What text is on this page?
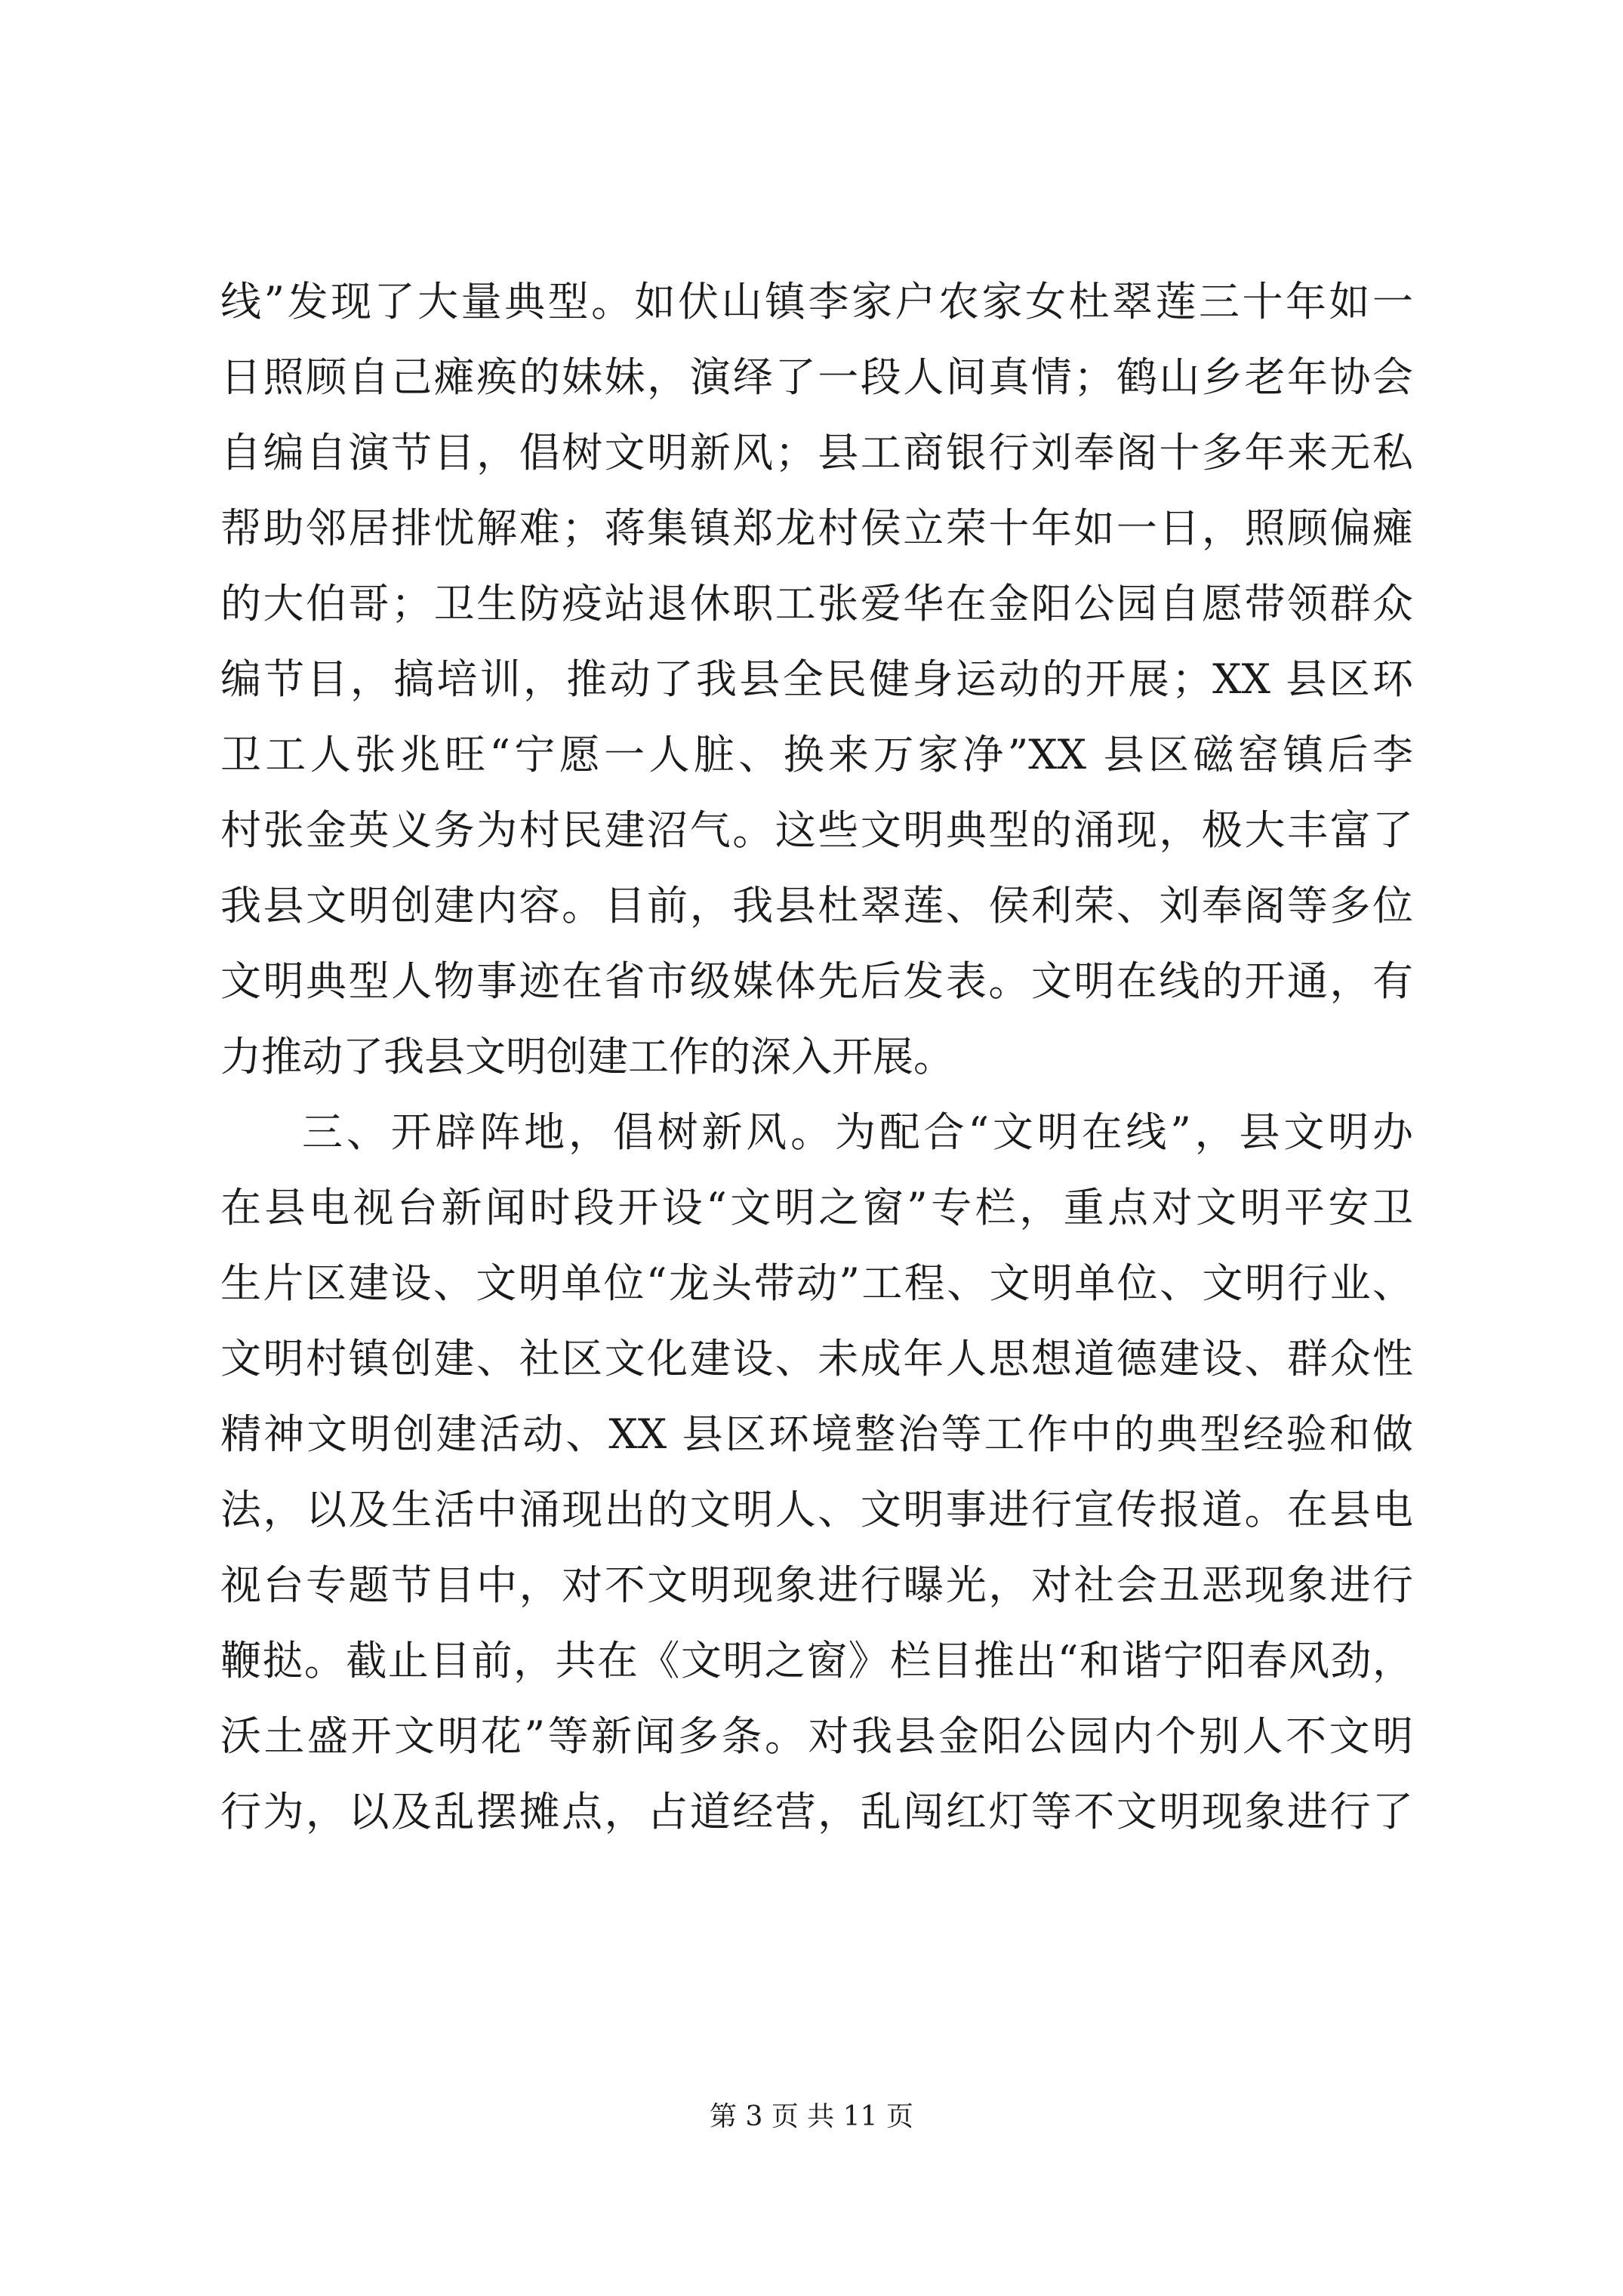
线”发现了大量典型。如伏山镇李家户农家女杜翠莲三十年如一
日照顾自己瘫痪的妹妹，演绎了一段人间真情；鹤山乡老年协会
自编自演节目，倡树文明新风；县工商银行刘奉阁十多年来无私
帮助邻居排忧解难；蒋集镇郑龙村侯立荣十年如一日，照顾偏瘫
的大伯哥；卫生防疫站退休职工张爱华在金阳公园自愿带领群众
编节目，搞培训，推动了我县全民健身运动的开展；XX 县区环
卫工人张兆旺“宁愿一人脏、换来万家净”XX 县区磁窑镇后李
村张金英义务为村民建沼气。这些文明典型的涌现，极大丰富了
我县文明创建内容。目前，我县杜翠莲、侯利荣、刘奉阁等多位
文明典型人物事迹在省市级媒体先后发表。文明在线的开通，有
力推动了我县文明创建工作的深入开展。
三、开辟阵地，倡树新风。为配合“文明在线”，县文明办
在县电视台新闻时段开设“文明之窗”专栏，重点对文明平安卫
生片区建设、文明单位“龙头带动”工程、文明单位、文明行业、
文明村镇创建、社区文化建设、未成年人思想道德建设、群众性
精神文明创建活动、XX 县区环境整治等工作中的典型经验和做
法，以及生活中涌现出的文明人、文明事进行宣传报道。在县电
视台专题节目中，对不文明现象进行曝光，对社会丑恶现象进行
鞭挞。截止目前，共在《文明之窗》栏目推出“和谐宁阳春风劲，
沃土盛开文明花”等新闻多条。对我县金阳公园内个别人不文明
行为，以及乱摆摊点，占道经营，乱闯红灯等不文明现象进行了
第 3 页 共 11 页
